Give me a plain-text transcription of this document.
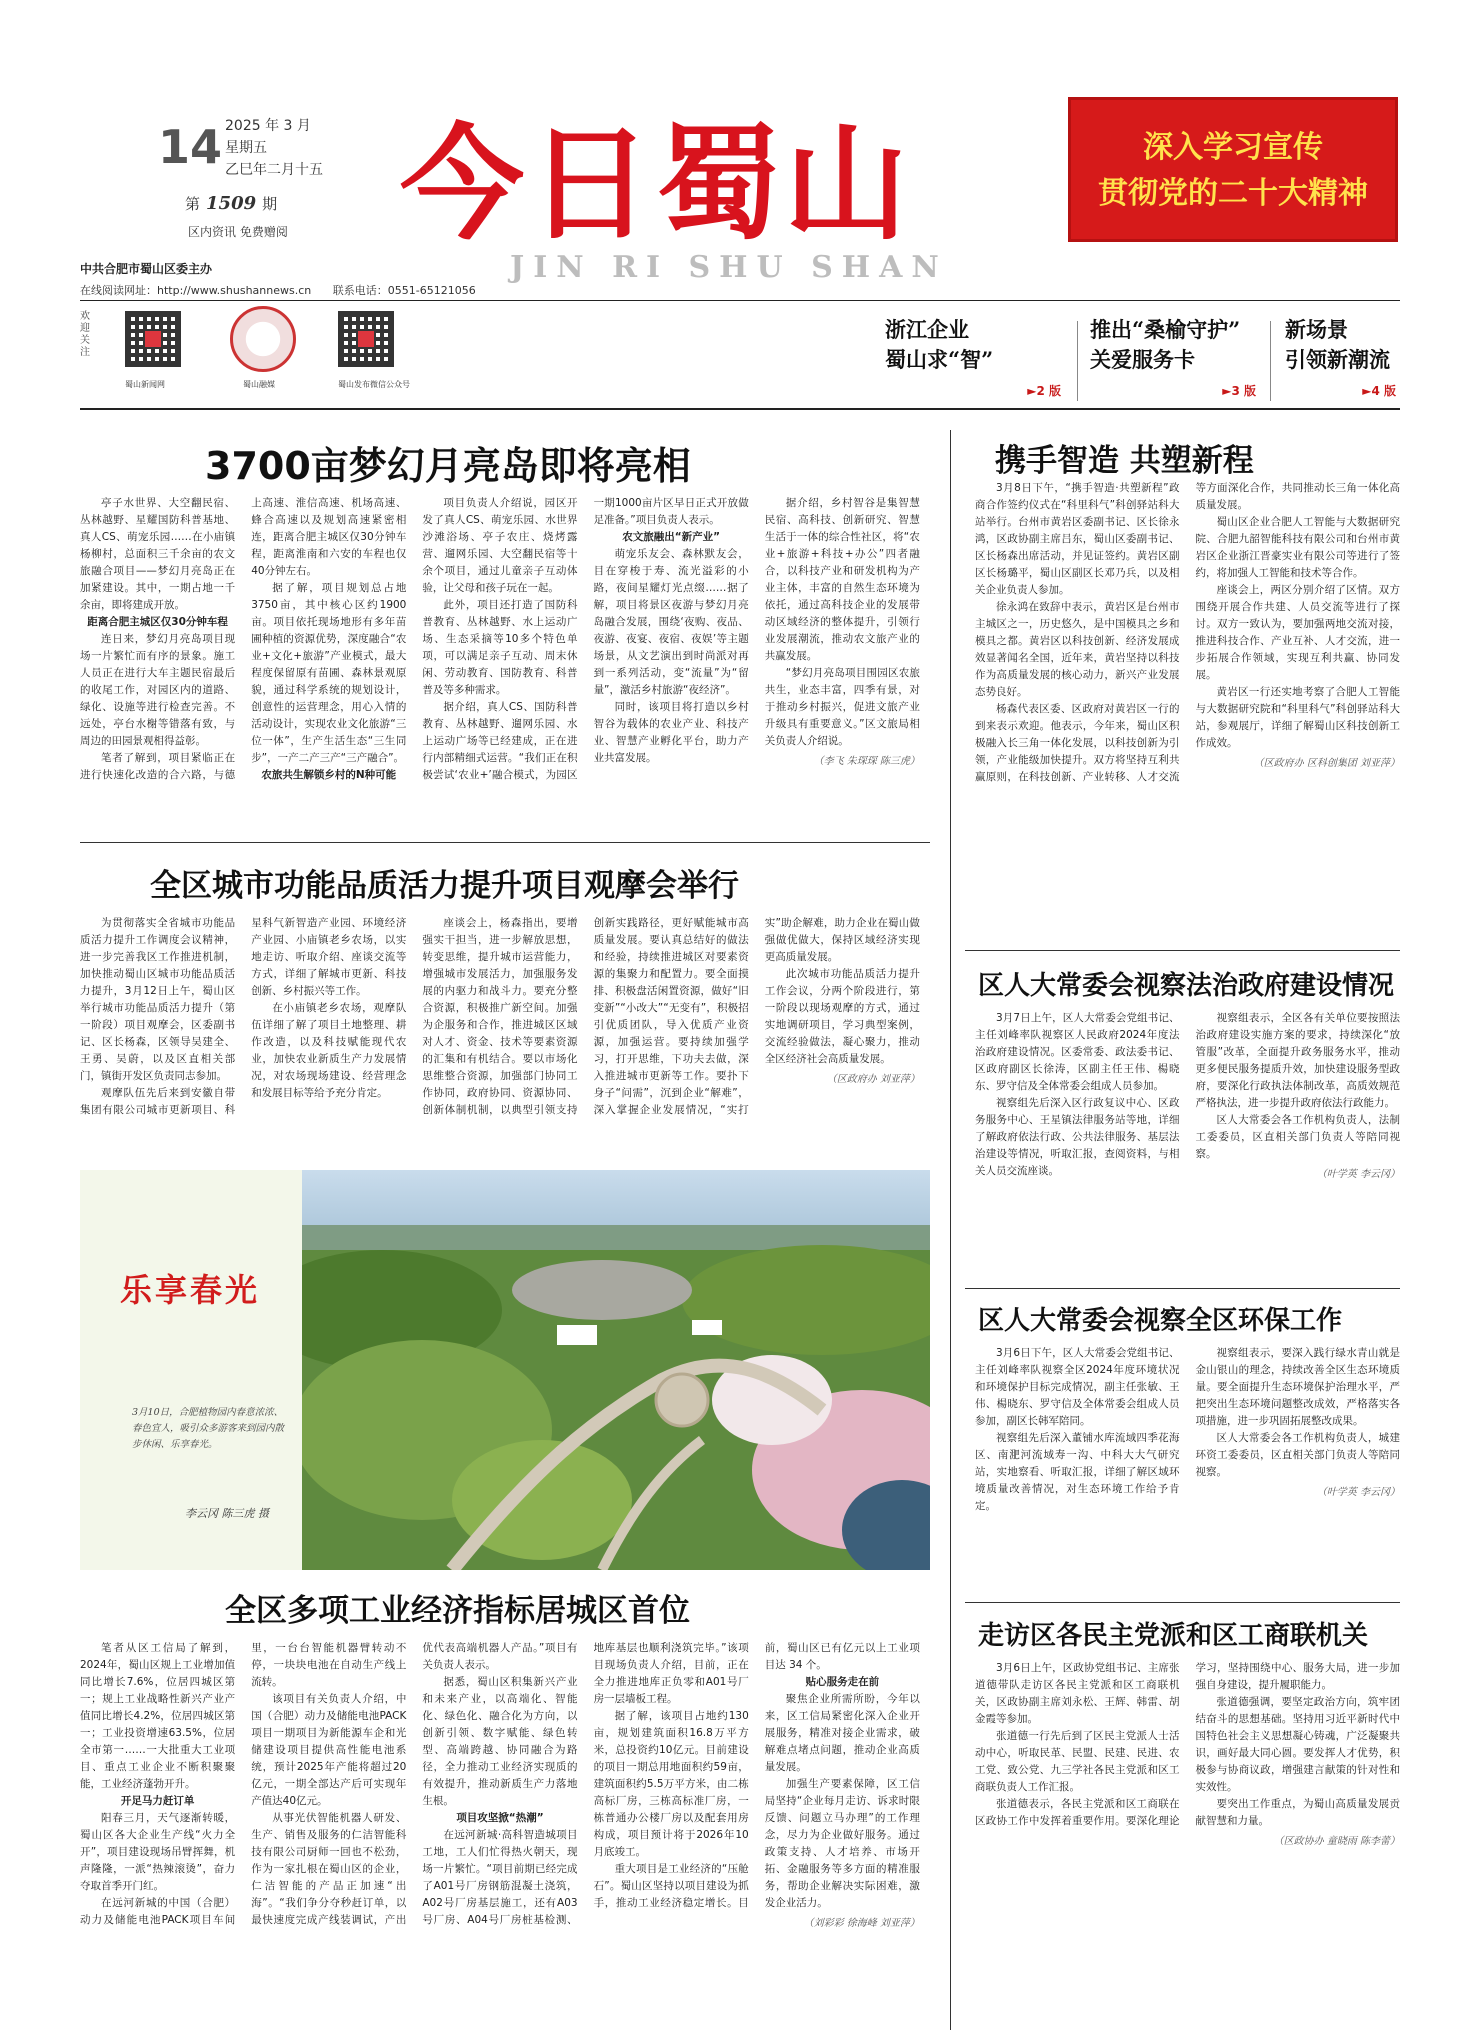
14 2025 年 3 月
星期五
乙巳年二月十五
第 1509 期
区内资讯 免费赠阅 今日蜀山
JIN RI SHU SHAN
深入学习宣传
贯彻党的二十大精神
中共合肥市蜀山区委主办
在线阅读网址：http://www.shushannews.cn 联系电话：0551-65121056
欢迎关注
蜀山新闻网	蜀山融媒	蜀山发布微信公众号
浙江企业
蜀山求“智”
►2 版
推出“桑榆守护”
关爱服务卡
►3 版
新场景
引领新潮流
►4 版
3700亩梦幻月亮岛即将亮相

亭子水世界、大空翻民宿、丛林越野、星耀国防科普基地、真人CS、萌宠乐园……在小庙镇杨柳村，总面积三千余亩的农文旅融合项目——梦幻月亮岛正在加紧建设。其中，一期占地一千余亩，即将建成开放。

距离合肥主城区仅30分钟车程

连日来，梦幻月亮岛项目现场一片繁忙而有序的景象。施工人员正在进行大车主题民宿最后的收尾工作，对园区内的道路、绿化、设施等进行检查完善。不远处，亭台水榭等错落有致，与周边的田园景观相得益彰。

笔者了解到，项目紧临正在进行快速化改造的合六路，与德上高速、淮信高速、机场高速、蜂合高速以及规划高速紧密相连，距离合肥主城区仅30分钟车程，距离淮南和六安的车程也仅40分钟左右。

据了解，项目规划总占地3750亩，其中核心区约1900亩。项目依托现场地形有多年苗圃种植的资源优势，深度融合“农业+文化+旅游”产业模式，最大程度保留原有苗圃、森林景观原貌，通过科学系统的规划设计，创意性的运营理念，用心入情的活动设计，实现农业文化旅游“三位一体”，生产生活生态“三生同步”，一产二产三产“三产融合”。

农旅共生解锁乡村的N种可能

项目负责人介绍说，园区开发了真人CS、萌宠乐园、水世界沙滩浴场、亭子农庄、烧烤露营、遛网乐园、大空翻民宿等十余个项目，通过儿童亲子互动体验，让父母和孩子玩在一起。

此外，项目还打造了国防科普教育、丛林越野、水上运动广场、生态采摘等10多个特色单项，可以满足亲子互动、周末休闲、劳动教育、国防教育、科普普及等多种需求。

据介绍，真人CS、国防科普教育、丛林越野、遛网乐园、水上运动广场等已经建成，正在进行内部精细式运营。“我们正在积极尝试‘农业+’融合模式，为园区一期1000亩片区早日正式开放做足准备。”项目负责人表示。

农文旅融出“新产业”

萌宠乐友会、森林默友会，目在穿梭于寿、流光溢彩的小路，夜间星耀灯光点缀……据了解，项目将景区夜游与梦幻月亮岛融合发展，围绕‘夜购、夜品、夜游、夜宴、夜宿、夜娱’等主题场景，从文艺演出到时尚派对再到一系列活动，变“流量”为“留量”，激活乡村旅游“夜经济”。

同时，该项目将打造以乡村智谷为载体的农业产业、科技产业、智慧产业孵化平台，助力产业共富发展。

据介绍，乡村智谷是集智慧民宿、高科技、创新研究、智慧生活于一体的综合性社区，将“农业+旅游+科技+办公”四者融合，以科技产业和研发机构为产业主体，丰富的自然生态环境为依托，通过高科技企业的发展带动区域经济的整体提升，引领行业发展潮流，推动农文旅产业的共赢发展。

“梦幻月亮岛项目围园区农旅共生，业态丰富，四季有景，对于推动乡村振兴，促进文旅产业升级具有重要意义。”区文旅局相关负责人介绍说。

（李飞 朱琛琛 陈三虎）
全区城市功能品质活力提升项目观摩会举行

为贯彻落实全省城市功能品质活力提升工作调度会议精神，进一步完善我区工作推进机制，加快推动蜀山区城市功能品质活力提升，3月12日上午，蜀山区举行城市功能品质活力提升（第一阶段）项目观摩会，区委副书记、区长杨森，区领导吴建全、王勇、吴蔚，以及区直相关部门，镇街开发区负责同志参加。

观摩队伍先后来到安徽自带集团有限公司城市更新项目、科星科气新智造产业园、环境经济产业园、小庙镇老乡农场，以实地走访、听取介绍、座谈交流等方式，详细了解城市更新、科技创新、乡村振兴等工作。

在小庙镇老乡农场，观摩队伍详细了解了项目土地整理、耕作改造，以及科技赋能现代农业，加快农业新质生产力发展情况，对农场现场建设、经营理念和发展目标等给予充分肯定。

座谈会上，杨森指出，要增强实干担当，进一步解放思想，转变思维，提升城市运营能力，增强城市发展活力，加强服务发展的内驱力和战斗力。要充分整合资源，积极推广新空间。加强为企服务和合作，推进城区区域对人才、资金、技术等要素资源的汇集和有机结合。要以市场化思维整合资源，加强部门协同工作协同，政府协同、资源协同、创新体制机制，以典型引领支持创新实践路径，更好赋能城市高质量发展。要认真总结好的做法和经验，持续推进城区对要素资源的集聚力和配置力。要全面摸排、积极盘活闲置资源，做好“旧变新”“小改大”“无变有”，积极招引优质团队，导入优质产业资源，加强运营。要持续加强学习，打开思维，下功夫去做，深入推进城市更新等工作。要扑下身子“问需”，沉到企业“解难”，深入掌握企业发展情况，“实打实”助企解难，助力企业在蜀山做强做优做大，保持区域经济实现更高质量发展。

此次城市功能品质活力提升工作会议，分两个阶段进行，第一阶段以现场观摩的方式，通过实地调研项目，学习典型案例，交流经验做法，凝心聚力，推动全区经济社会高质量发展。

（区政府办 刘亚萍）
乐享春光
3月10日，合肥植物园内春意浓浓、春色宜人，吸引众多游客来到园内散步休闲、乐享春光。
李云冈 陈三虎 摄
全区多项工业经济指标居城区首位

笔者从区工信局了解到，2024年，蜀山区规上工业增加值同比增长7.6%，位居四城区第一；规上工业战略性新兴产业产值同比增长4.2%，位居四城区第一；工业投资增速63.5%，位居全市第一……一大批重大工业项目、重点工业企业不断积聚聚能，工业经济蓬勃开升。

开足马力赶订单

阳春三月，天气逐渐转暖，蜀山区各大企业生产线“火力全开”，项目建设现场吊臂挥舞，机声隆隆，一派“热辣滚烫”，奋力夺取首季开门红。

在远河新城的中国（合肥）动力及储能电池PACK项目车间里，一台台智能机器臂转动不停，一块块电池在自动生产线上流转。

该项目有关负责人介绍，中国（合肥）动力及储能电池PACK项目一期项目为新能源车企和光储建设项目提供高性能电池系统，预计2025年产能将超过20亿元，一期全部达产后可实现年产值达40亿元。

从事光伏智能机器人研发、生产、销售及服务的仁洁智能科技有限公司厨师一回也不松劲，作为一家扎根在蜀山区的企业，仁洁智能的产品正加速“出海”。“我们争分夺秒赶订单，以最快速度完成产线装调试，产出优代表高端机器人产品。”项目有关负责人表示。

据悉，蜀山区积集新兴产业和未来产业，以高端化、智能化、绿色化、融合化为方向，以创新引领、数字赋能、绿色转型、高端跨越、协同融合为路径，全力推动工业经济实现质的有效提升，推动新质生产力落地生根。

项目攻坚掀“热潮”

在远河新城·高科智造城项目工地，工人们忙得热火朝天，现场一片繁忙。“项目前期已经完成了A01号厂房钢筋混凝土浇筑，A02号厂房基层施工，还有A03号厂房、A04号厂房桩基检测、地库基层也顺利浇筑完毕。”该项目现场负责人介绍，目前，正在全力推进地库正负零和A01号厂房一层墙板工程。

据了解，该项目占地约130亩，规划建筑面积16.8万平方米，总投资约10亿元。目前建设的项目一期总用地面积约59亩，建筑面积约5.5万平方米，由二栋高标厂房，三栋高标准厂房，一栋普通办公楼厂房以及配套用房构成，项目预计将于2026年10月底竣工。

重大项目是工业经济的“压舱石”。蜀山区坚持以项目建设为抓手，推动工业经济稳定增长。目前，蜀山区已有亿元以上工业项目达 34 个。

贴心服务走在前

聚焦企业所需所盼，今年以来，区工信局紧密化深入企业开展服务，精准对接企业需求，破解难点堵点问题，推动企业高质量发展。

加强生产要素保障，区工信局坚持“企业每月走访、诉求时限反馈、问题立马办理”的工作理念，尽力为企业做好服务。通过政策支持、人才培养、市场开拓、金融服务等多方面的精准服务，帮助企业解决实际困难，激发企业活力。

（刘彩彩 徐海峰 刘亚萍）
携手智造 共塑新程

3月8日下午，“携手智造·共塑新程”政商合作签约仪式在“科里科气”科创驿站科大站举行。台州市黄岩区委副书记、区长徐永鸿，区政协副主席吕东，蜀山区委副书记、区长杨森出席活动，并见证签约。黄岩区副区长杨璐平，蜀山区副区长邓乃兵，以及相关企业负责人参加。

徐永鸿在致辞中表示，黄岩区是台州市主城区之一，历史悠久，是中国模具之乡和模具之都。黄岩区以科技创新、经济发展成效显著闻名全国，近年来，黄岩坚持以科技作为高质量发展的核心动力，新兴产业发展态势良好。

杨森代表区委、区政府对黄岩区一行的到来表示欢迎。他表示，今年来，蜀山区积极融入长三角一体化发展，以科技创新为引领，产业能级加快提升。双方将坚持互利共赢原则，在科技创新、产业转移、人才交流等方面深化合作，共同推动长三角一体化高质量发展。

蜀山区企业合肥人工智能与大数据研究院、合肥九韶智能科技有限公司和台州市黄岩区企业浙江晋豪实业有限公司等进行了签约，将加强人工智能和技术等合作。

座谈会上，两区分别介绍了区情。双方围绕开展合作共建、人员交流等进行了探讨。双方一致认为，要加强两地交流对接，推进科技合作、产业互补、人才交流，进一步拓展合作领域，实现互利共赢、协同发展。

黄岩区一行还实地考察了合肥人工智能与大数据研究院和“科里科气”科创驿站科大站，参观展厅，详细了解蜀山区科技创新工作成效。

（区政府办 区科创集团 刘亚萍）
区人大常委会视察法治政府建设情况

3月7日上午，区人大常委会党组书记、主任刘峰率队视察区人民政府2024年度法治政府建设情况。区委常委、政法委书记、区政府副区长徐涛，区副主任王伟、楊晓东、罗守信及全体常委会组成人员参加。

视察组先后深入区行政复议中心、区政务服务中心、王星镇法律服务站等地，详细了解政府依法行政、公共法律服务、基层法治建设等情况，听取汇报，查阅资料，与相关人员交流座谈。

视察组表示，全区各有关单位要按照法治政府建设实施方案的要求，持续深化“放管服”改革，全面提升政务服务水平，推动更多便民服务提质升效，加快建设服务型政府，要深化行政执法体制改革，高质效规范严格执法，进一步提升政府依法行政能力。

区人大常委会各工作机构负责人，法制工委委员，区直相关部门负责人等陪同视察。

（叶学英 李云冈）
区人大常委会视察全区环保工作

3月6日下午，区人大常委会党组书记、主任刘峰率队视察全区2024年度环境状况和环境保护目标完成情况，副主任张敏、王伟、楊晓东、罗守信及全体常委会组成人员参加，副区长韩军陪同。

视察组先后深入董铺水库流域四季花海区、南淝河流域寿一沟、中科大大气研究站，实地察看、听取汇报，详细了解区域环境质量改善情况，对生态环境工作给予肯定。

视察组表示，要深入践行绿水青山就是金山银山的理念，持续改善全区生态环境质量。要全面提升生态环境保护治理水平，严把突出生态环境问题整改成效，严格落实各项措施，进一步巩固拓展整改成果。

区人大常委会各工作机构负责人，城建环资工委委员，区直相关部门负责人等陪同视察。

（叶学英 李云冈）
走访区各民主党派和区工商联机关

3月6日上午，区政协党组书记、主席张道德带队走访区各民主党派和区工商联机关，区政协副主席刘永松、王辉、韩雷、胡金霞等参加。

张道德一行先后到了区民主党派人士活动中心，听取民革、民盟、民建、民进、农工党、致公党、九三学社各民主党派和区工商联负责人工作汇报。

张道德表示，各民主党派和区工商联在区政协工作中发挥着重要作用。要深化理论学习，坚持围绕中心、服务大局，进一步加强自身建设，提升履职能力。

张道德强调，要坚定政治方向，筑牢团结奋斗的思想基础。坚持用习近平新时代中国特色社会主义思想凝心铸魂，广泛凝聚共识，画好最大同心圆。要发挥人才优势，积极参与协商议政，增强建言献策的针对性和实效性。

要突出工作重点，为蜀山高质量发展贡献智慧和力量。

（区政协办 童晓雨 陈李蕾）
